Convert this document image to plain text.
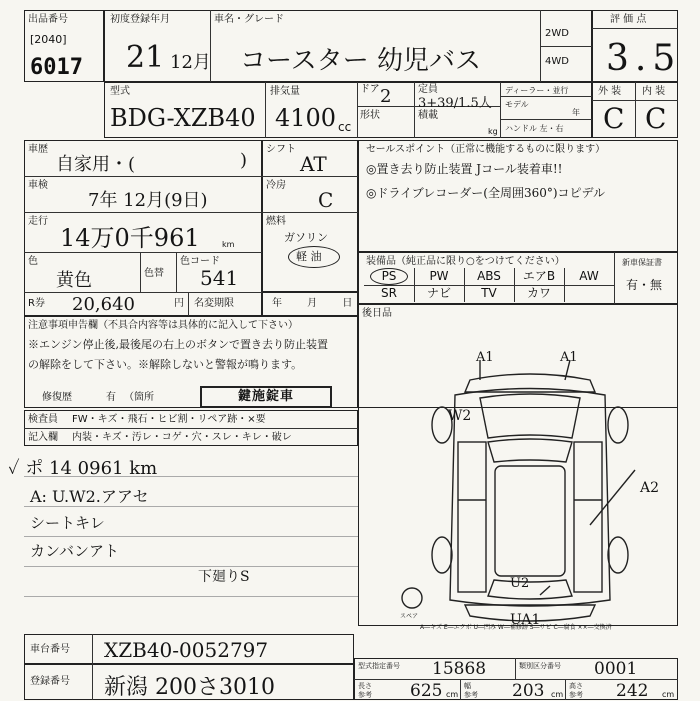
出品番号
[2040]
6017
初度登録年月
21 12月
車名・グレード
コースター 幼児バス
2WD
4WD
評 価 点
3.5
型式
BDG-XZB40
排気量
4100 cc
ドア 2	定員
3+39/1.5人
形状	積載
kg
ディーラー・並行
モデル
年
ハンドル 左・右
外 装 内 装
C C
車歴
自家用・(	)
車検
7年 12月(9日)
走行
14万0千961	km
色
黄色	色替
色コード
541
R券 20,640	円 名変期限
シフト
AT
冷房
C
燃料
ガソリン
軽 油
年 月 日
セールスポイント（正常に機能するものに限ります）
◎置き去り防止装置 Jコール装着車!!
◎ドライブレコーダー(全周囲360°)コピデル
装備品（純正品に限り○をつけてください）	新車保証書
有・無
PS	PW	ABS	エアB	AW
SR	ナビ	TV	カワ
後日品
注意事項申告欄（不具合内容等は具体的に記入して下さい）
※エンジン停止後,最後尾の右上のボタンで置き去り防止装置
の解除をして下さい。※解除しないと警報が鳴ります。
修復歴	有 （箇所	鍵施錠車
検査員 FW・キズ・飛石・ヒビ割・リペア跡・×要
記入欄 内装・キズ・汚レ・コゲ・穴・スレ・キレ・破レ
✓ ポ 14 0961 km
A: U.W2.アアセ
シートキレ
カンバンアト
下廻りS
A1	A1
W2
A2
U2
UA1
スペア
A―キズ E―エクボ U―凹み W―補修跡 S―サビ C―腐食 ××―交換済
車台番号 XZB40-0052797
登録番号 新潟 200さ3010
型式指定番号 15868	類別区分番号 0001
長さ
参考 625 cm
幅
参考 203 cm
高さ
参考 242 cm
